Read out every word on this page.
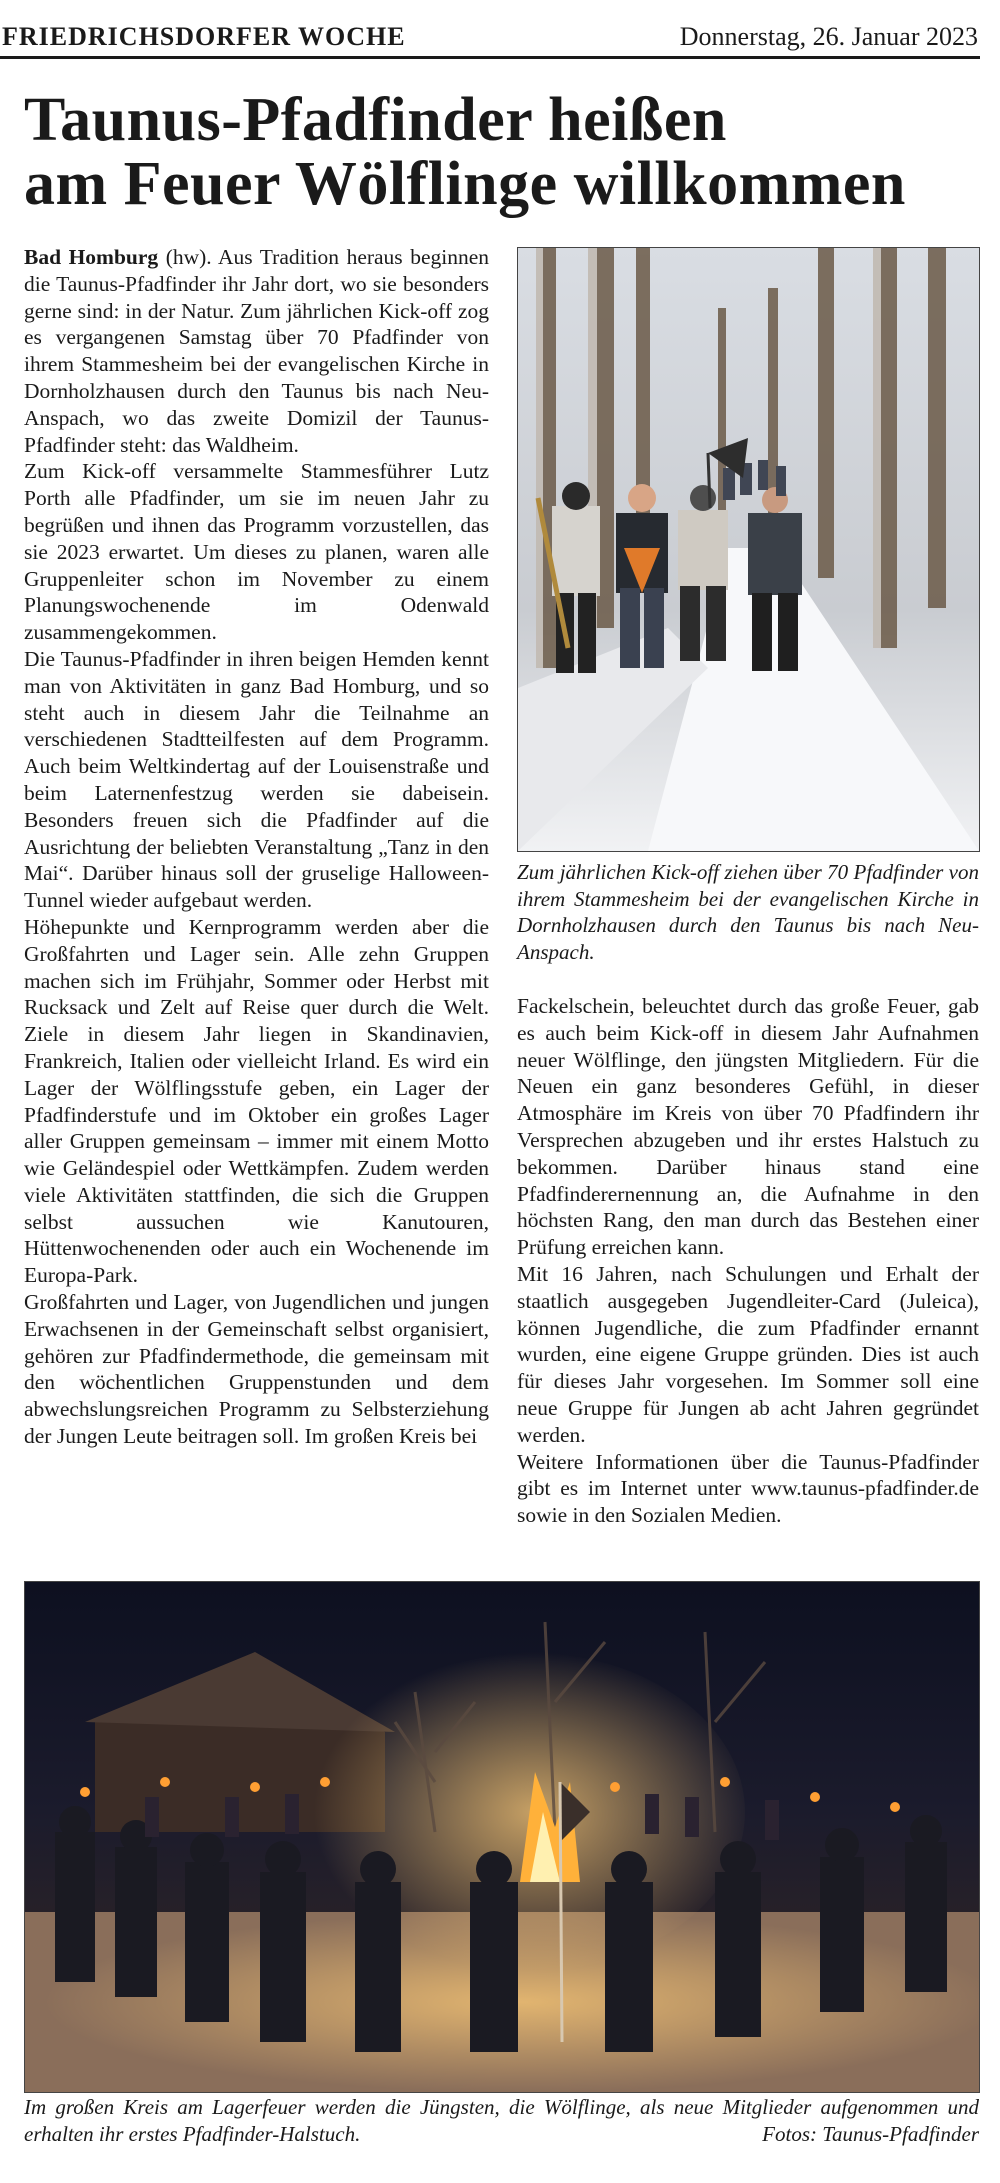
FRIEDRICHSDORFER WOCHE	Donnerstag, 26. Januar 2023
Taunus-Pfadfinder heißen
am Feuer Wölflinge willkommen

Bad Homburg (hw). Aus Tradition heraus beginnen die Taunus-Pfadfinder ihr Jahr dort, wo sie besonders gerne sind: in der Natur. Zum jährlichen Kick-off zog es vergangenen Samstag über 70 Pfadfinder von ihrem Stammesheim bei der evangelischen Kirche in Dornholzhausen durch den Taunus bis nach Neu-Anspach, wo das zweite Domizil der Taunus-Pfadfinder steht: das Waldheim.

Zum Kick-off versammelte Stammesführer Lutz Porth alle Pfadfinder, um sie im neuen Jahr zu begrüßen und ihnen das Programm vorzustellen, das sie 2023 erwartet. Um dieses zu planen, waren alle Gruppenleiter schon im November zu einem Planungswochenende im Odenwald zusammengekommen.

Die Taunus-Pfadfinder in ihren beigen Hemden kennt man von Aktivitäten in ganz Bad Homburg, und so steht auch in diesem Jahr die Teilnahme an verschiedenen Stadtteilfesten auf dem Programm. Auch beim Weltkindertag auf der Louisenstraße und beim Laternenfestzug werden sie dabeisein. Besonders freuen sich die Pfadfinder auf die Ausrichtung der beliebten Veranstaltung „Tanz in den Mai“. Darüber hinaus soll der gruselige Halloween-Tunnel wieder aufgebaut werden.

Höhepunkte und Kernprogramm werden aber die Großfahrten und Lager sein. Alle zehn Gruppen machen sich im Frühjahr, Sommer oder Herbst mit Rucksack und Zelt auf Reise quer durch die Welt. Ziele in diesem Jahr liegen in Skandinavien, Frankreich, Italien oder vielleicht Irland. Es wird ein Lager der Wölflingsstufe geben, ein Lager der Pfadfinderstufe und im Oktober ein großes Lager aller Gruppen gemeinsam – immer mit einem Motto wie Geländespiel oder Wettkämpfen. Zudem werden viele Aktivitäten stattfinden, die sich die Gruppen selbst aussuchen wie Kanutouren, Hüttenwochenenden oder auch ein Wochenende im Europa-Park.

Großfahrten und Lager, von Jugendlichen und jungen Erwachsenen in der Gemeinschaft selbst organisiert, gehören zur Pfadfindermethode, die gemeinsam mit den wöchentlichen Gruppenstunden und dem abwechslungsreichen Programm zu Selbsterziehung der Jungen Leute beitragen soll. Im großen Kreis bei

Zum jährlichen Kick-off ziehen über 70 Pfadfinder von ihrem Stammesheim bei der evangelischen Kirche in Dornholzhausen durch den Taunus bis nach Neu-Anspach.

Fackelschein, beleuchtet durch das große Feuer, gab es auch beim Kick-off in diesem Jahr Aufnahmen neuer Wölflinge, den jüngsten Mitgliedern. Für die Neuen ein ganz besonderes Gefühl, in dieser Atmosphäre im Kreis von über 70 Pfadfindern ihr Versprechen abzugeben und ihr erstes Halstuch zu bekommen. Darüber hinaus stand eine Pfadfinderernennung an, die Aufnahme in den höchsten Rang, den man durch das Bestehen einer Prüfung erreichen kann.

Mit 16 Jahren, nach Schulungen und Erhalt der staatlich ausgegeben Jugendleiter-Card (Juleica), können Jugendliche, die zum Pfadfinder ernannt wurden, eine eigene Gruppe gründen. Dies ist auch für dieses Jahr vorgesehen. Im Sommer soll eine neue Gruppe für Jungen ab acht Jahren gegründet werden.

Weitere Informationen über die Taunus-Pfadfinder gibt es im Internet unter www.taunus-pfadfinder.de sowie in den Sozialen Medien.

Im großen Kreis am Lagerfeuer werden die Jüngsten, die Wölflinge, als neue Mitglieder aufgenommen und erhalten ihr erstes Pfadfinder-Halstuch.	Fotos: Taunus-Pfadfinder
